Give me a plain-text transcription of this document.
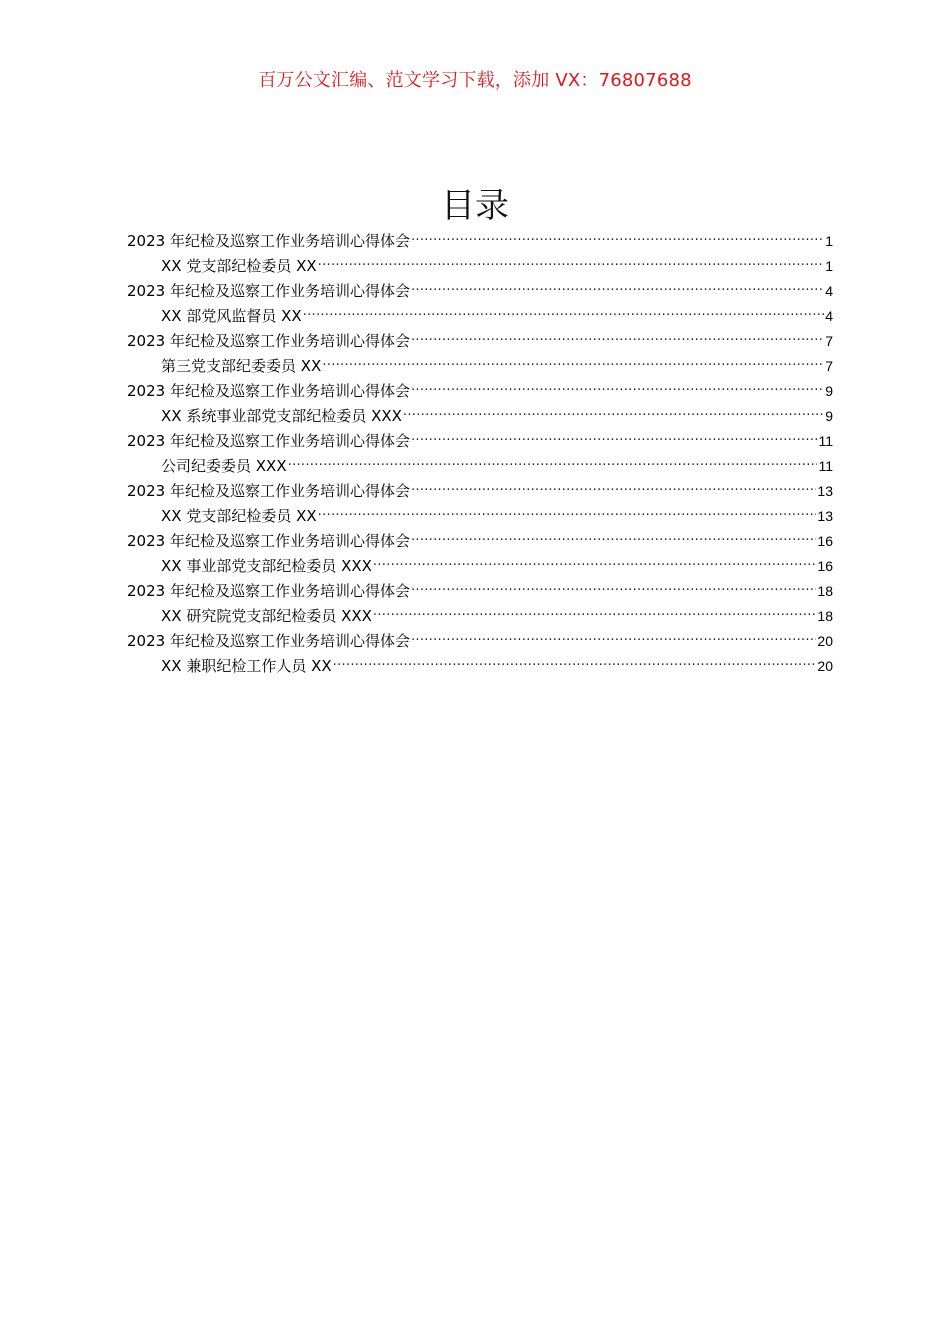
百万公文汇编、范文学习下载，添加 VX：76807688
目录
2023 年纪检及巡察工作业务培训心得体会 .....	1
XX 党支部纪检委员 XX .....	1
2023 年纪检及巡察工作业务培训心得体会 .....	4
XX 部党风监督员 XX .....	4
2023 年纪检及巡察工作业务培训心得体会 .....	7
第三党支部纪委委员 XX .....	7
2023 年纪检及巡察工作业务培训心得体会 .....	9
XX 系统事业部党支部纪检委员 XXX .....	9
2023 年纪检及巡察工作业务培训心得体会 .....	11
公司纪委委员 XXX .....	11
2023 年纪检及巡察工作业务培训心得体会 .....	13
XX 党支部纪检委员 XX .....	13
2023 年纪检及巡察工作业务培训心得体会 .....	16
XX 事业部党支部纪检委员 XXX .....	16
2023 年纪检及巡察工作业务培训心得体会 .....	18
XX 研究院党支部纪检委员 XXX .....	18
2023 年纪检及巡察工作业务培训心得体会 .....	20
XX 兼职纪检工作人员 XX .....	20
